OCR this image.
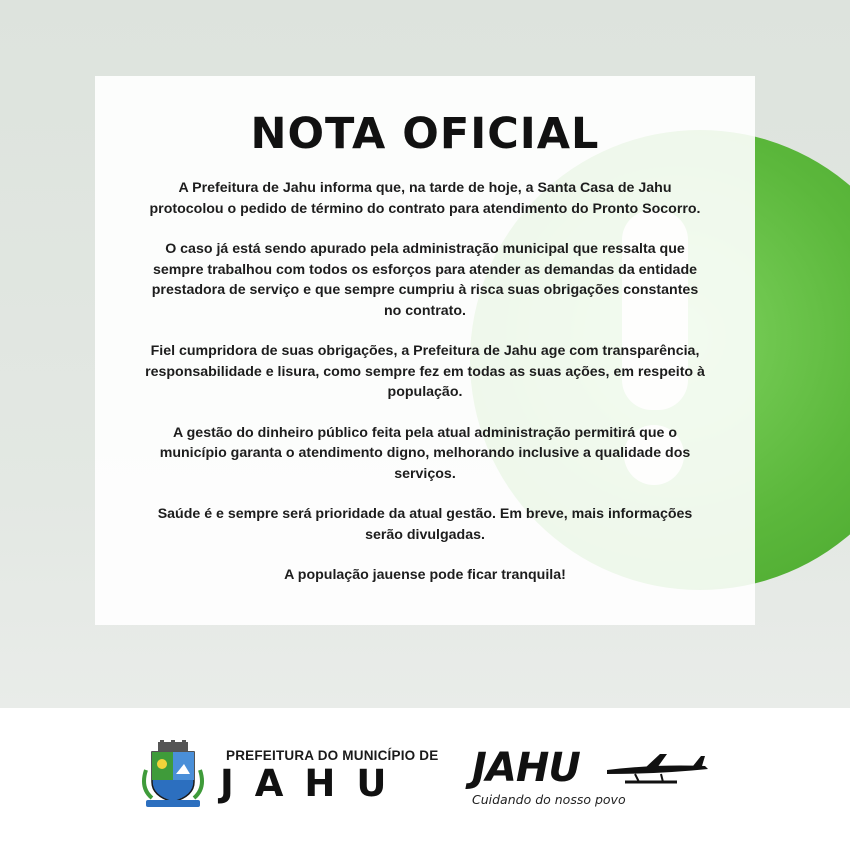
NOTA OFICIAL

A Prefeitura de Jahu informa que, na tarde de hoje, a Santa Casa de Jahu protocolou o pedido de término do contrato para atendimento do Pronto Socorro.

O caso já está sendo apurado pela administração municipal que ressalta que sempre trabalhou com todos os esforços para atender as demandas da entidade prestadora de serviço e que sempre cumpriu à risca suas obrigações constantes no contrato.

Fiel cumpridora de suas obrigações, a Prefeitura de Jahu age com transparência, responsabilidade e lisura, como sempre fez em todas as suas ações, em respeito à população.

A gestão do dinheiro público feita pela atual administração permitirá que o município garanta o atendimento digno, melhorando inclusive a qualidade dos serviços.

Saúde é e sempre será prioridade da atual gestão. Em breve, mais informações serão divulgadas.

A população jauense pode ficar tranquila!

PREFEITURA DO MUNICÍPIO DE
JAHU JAHU
Cuidando do nosso povo
